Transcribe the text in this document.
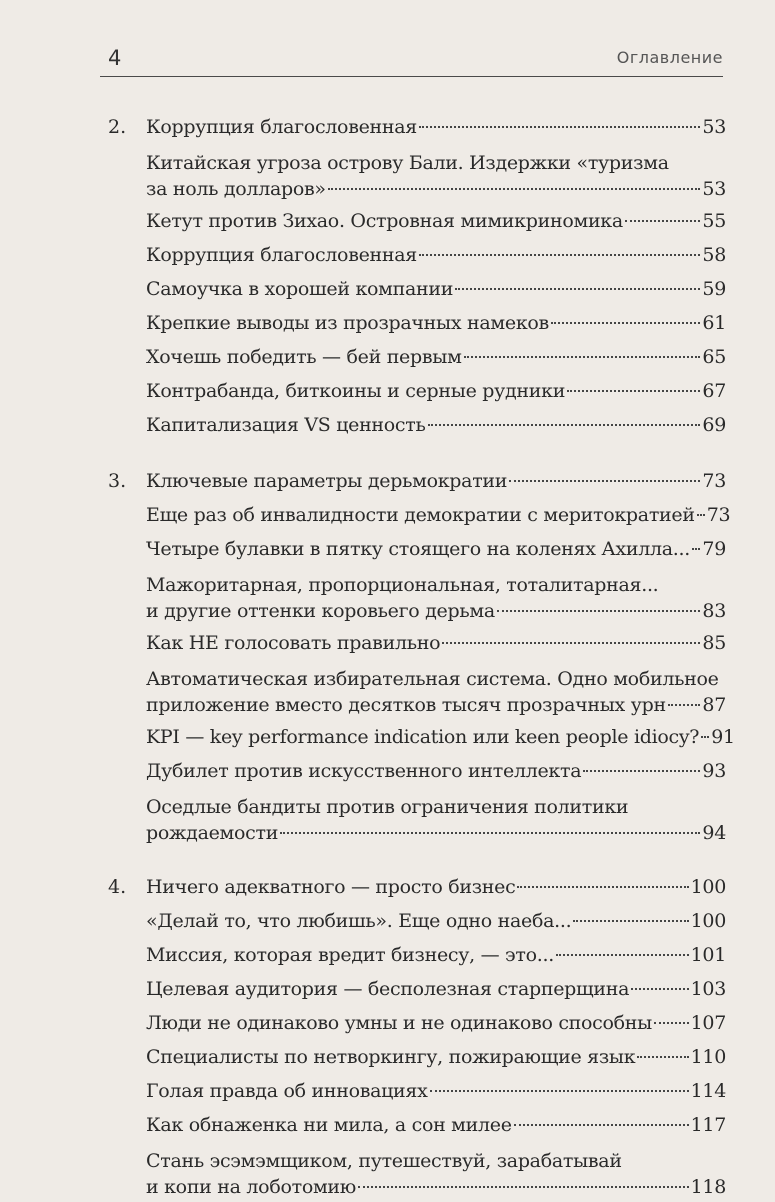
4	Оглавление
2. Коррупция благословенная	53
Китайская угроза острову Бали. Издержки «туризма
за ноль долларов»	53
Кетут против Зихао. Островная мимикриномика	55
Коррупция благословенная	58
Самоучка в хорошей компании	59
Крепкие выводы из прозрачных намеков	61
Хочешь победить — бей первым	65
Контрабанда, биткоины и серные рудники	67
Капитализация VS ценность	69
3. Ключевые параметры дерьмократии	73
Еще раз об инвалидности демократии с меритократией 73
Четыре булавки в пятку стоящего на коленях Ахилла... 79
Мажоритарная, пропорциональная, тоталитарная...
и другие оттенки коровьего дерьма	83
Как НЕ голосовать правильно	85
Автоматическая избирательная система. Одно мобильное
приложение вместо десятков тысяч прозрачных урн 87
KPI — key performance indication или keen people idiocy? 91
Дубилет против искусственного интеллекта	93
Оседлые бандиты против ограничения политики
рождаемости	94
4. Ничего адекватного — просто бизнес	100
«Делай то, что любишь». Еще одно наеба...	100
Миссия, которая вредит бизнесу, — это...	101
Целевая аудитория — бесполезная старперщина	103
Люди не одинаково умны и не одинаково способны 107
Специалисты по нетворкингу, пожирающие язык	110
Голая правда об инновациях	114
Как обнаженка ни мила, а сон милее	117
Стань эсэмэмщиком, путешествуй, зарабатывай
и копи на лоботомию	118
